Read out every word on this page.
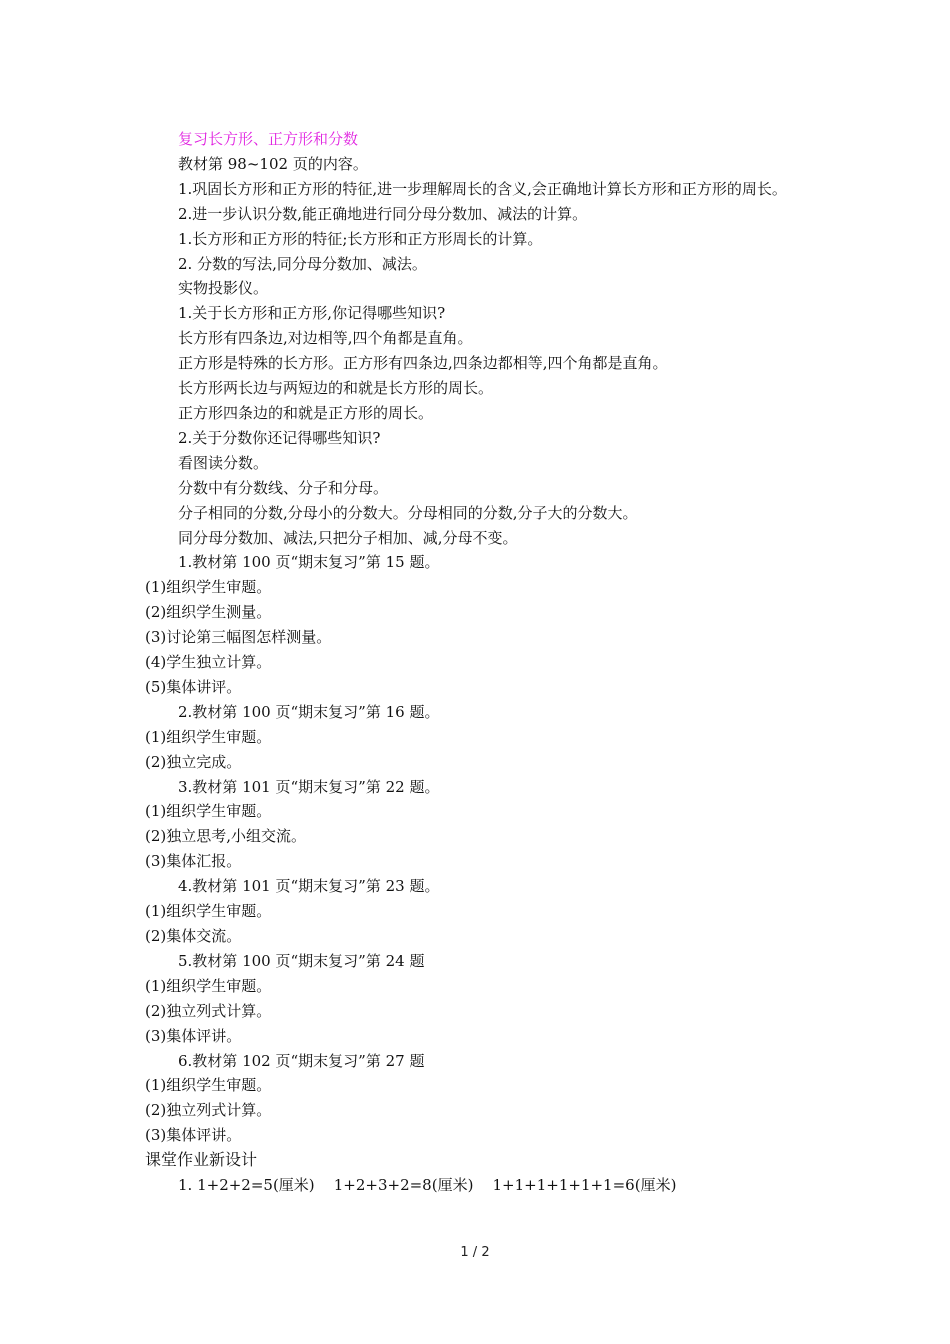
复习长方形、正方形和分数
教材第 98~102 页的内容。
1.巩固长方形和正方形的特征,进一步理解周长的含义,会正确地计算长方形和正方形的周长。
2.进一步认识分数,能正确地进行同分母分数加、减法的计算。
1.长方形和正方形的特征;长方形和正方形周长的计算。
2. 分数的写法,同分母分数加、减法。
实物投影仪。
1.关于长方形和正方形,你记得哪些知识?
长方形有四条边,对边相等,四个角都是直角。
正方形是特殊的长方形。正方形有四条边,四条边都相等,四个角都是直角。
长方形两长边与两短边的和就是长方形的周长。
正方形四条边的和就是正方形的周长。
2.关于分数你还记得哪些知识?
看图读分数。
分数中有分数线、分子和分母。
分子相同的分数,分母小的分数大。分母相同的分数,分子大的分数大。
同分母分数加、减法,只把分子相加、减,分母不变。
1.教材第 100 页“期末复习”第 15 题。
(1)组织学生审题。
(2)组织学生测量。
(3)讨论第三幅图怎样测量。
(4)学生独立计算。
(5)集体讲评。
2.教材第 100 页“期末复习”第 16 题。
(1)组织学生审题。
(2)独立完成。
3.教材第 101 页“期末复习”第 22 题。
(1)组织学生审题。
(2)独立思考,小组交流。
(3)集体汇报。
4.教材第 101 页“期末复习”第 23 题。
(1)组织学生审题。
(2)集体交流。
5.教材第 100 页“期末复习”第 24 题
(1)组织学生审题。
(2)独立列式计算。
(3)集体评讲。
6.教材第 102 页“期末复习”第 27 题
(1)组织学生审题。
(2)独立列式计算。
(3)集体评讲。
课堂作业新设计
1. 1+2+2=5(厘米)    1+2+3+2=8(厘米)    1+1+1+1+1+1=6(厘米)
1 / 2
